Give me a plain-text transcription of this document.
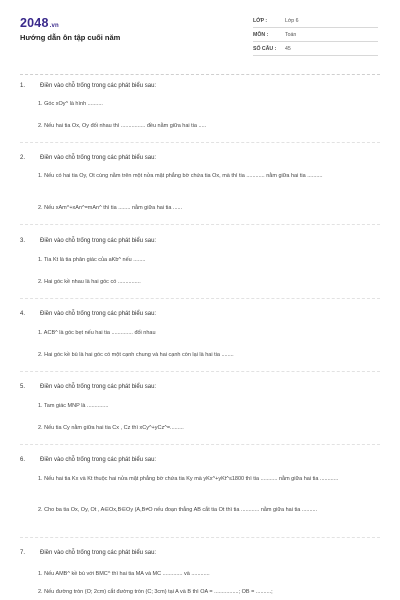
2048.vn
Hướng dẫn ôn tập cuối năm
LỚP :	Lớp 6
MÔN :	Toán
SỐ CÂU : 45
1. Điền vào chỗ trống trong các phát biểu sau:
1. Góc xOy^ là hình ..........
2. Nếu hai tia Ox, Oy đối nhau thì ................ đều nằm giữa hai tia .....
2. Điền vào chỗ trống trong các phát biểu sau:
1. Nếu có hai tia Oy, Ot cùng nằm trên một nửa mặt phẳng bờ chứa tia Ox, mà thì tia ............ nằm giữa hai tia ..........
2. Nếu xAm^+xAn^=mAn^ thì tia ........ nằm giữa hai tia ......
3. Điền vào chỗ trống trong các phát biểu sau:
1. Tia Kt là tia phân giác của aKb^ nếu ........
2. Hai góc kề nhau là hai góc có ...............
4. Điền vào chỗ trống trong các phát biểu sau:
1. ACB^ là góc bẹt nếu hai tia .............. đối nhau
2. Hai góc kề bù là hai góc có một cạnh chung và hai cạnh còn lại là hai tia ........
5. Điền vào chỗ trống trong các phát biểu sau:
1. Tam giác MNP là ..............
2. Nếu tia Cy nằm giữa hai tia Cx , Cz thì xCy^+yCz^=.........
6. Điền vào chỗ trống trong các phát biểu sau:
1. Nếu hai tia Kx và Kt thuộc hai nửa mặt phẳng bờ chứa tia Ky mà yKx^+yKt^≤1800 thì tia ........... nằm giữa hai tia ............
2. Cho ba tia Ox, Oy, Ot , A∈Ox,B∈Oy (A,B≠O nếu đoạn thẳng AB cắt tia Ot thì tia ............ nằm giữa hai tia ..........
7. Điền vào chỗ trống trong các phát biểu sau:
1. Nếu AMB^ kề bù với BMC^ thì hai tia MA và MC ............. và ............
2. Nếu đường tròn (O; 2cm) cắt đường tròn (C; 3cm) tại A và B thì OA = ................; OB = ..........;
